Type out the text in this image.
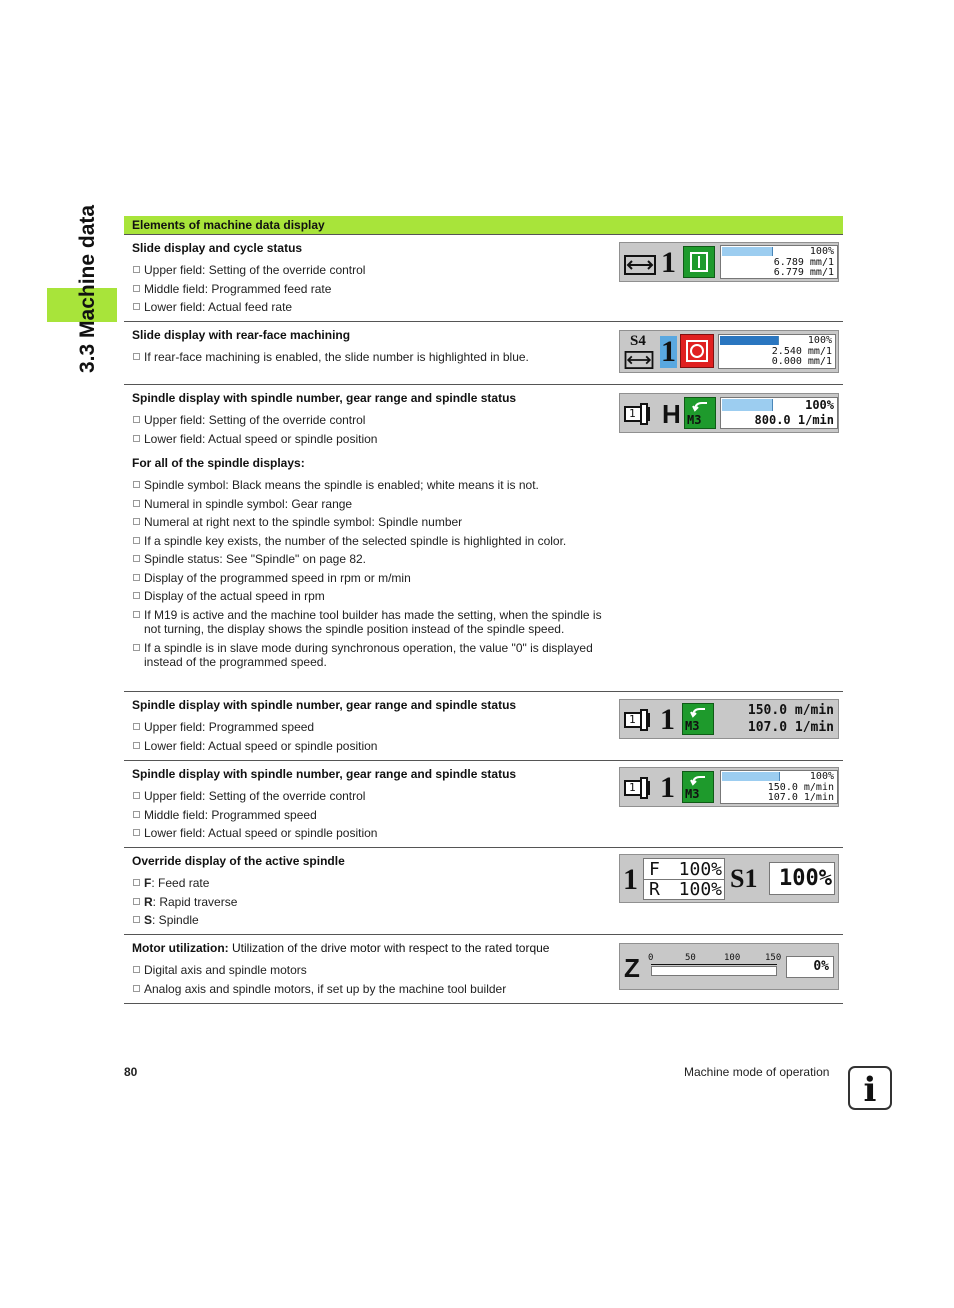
3.3 Machine data	Elements of machine data display
Slide display and cycle status
Upper field: Setting of the override control
Middle field: Programmed feed rate
Lower field: Actual feed rate
Slide display with rear-face machining
If rear-face machining is enabled, the slide number is highlighted in blue.
Spindle display with spindle number, gear range and spindle status
Upper field: Setting of the override control
Lower field: Actual speed or spindle position
For all of the spindle displays:
Spindle symbol: Black means the spindle is enabled; white means it is not.
Numeral in spindle symbol: Gear range
Numeral at right next to the spindle symbol: Spindle number
If a spindle key exists, the number of the selected spindle is highlighted in color.
Spindle status: See "Spindle" on page 82.
Display of the programmed speed in rpm or m/min
Display of the actual speed in rpm
If M19 is active and the machine tool builder has made the setting, when the spindle is not turning, the display shows the spindle position instead of the spindle speed.
If a spindle is in slave mode during synchronous operation, the value "0" is displayed instead of the programmed speed.
Spindle display with spindle number, gear range and spindle status
Upper field: Programmed speed
Lower field: Actual speed or spindle position
Spindle display with spindle number, gear range and spindle status
Upper field: Setting of the override control
Middle field: Programmed speed
Lower field: Actual speed or spindle position
Override display of the active spindle
F: Feed rate
R: Rapid traverse
S: Spindle
Motor utilization: Utilization of the drive motor with respect to the rated torque
Digital axis and spindle motors
Analog axis and spindle motors, if set up by the machine tool builder
1	100%
6.789 mm/1
6.779 mm/1
S4 1	100%
2.540 mm/1
0.000 mm/1
1 H M3
100%
800.0 1/min
1 1 M3
150.0 m/min
107.0 1/min
1 1 M3
100%
150.0 m/min
107.0 1/min
1 F 100%
R 100% S1 100%
Z 0	50	100	150
0%
80	Machine mode of operation	i
